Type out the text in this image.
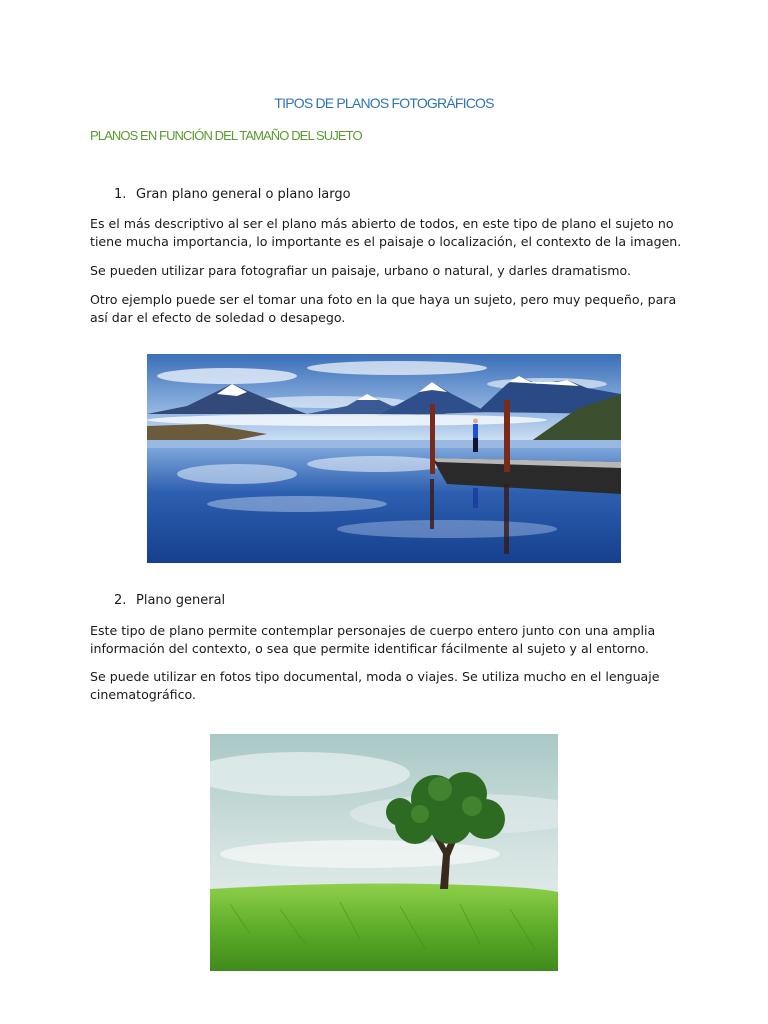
TIPOS DE PLANOS FOTOGRÁFICOS
PLANOS EN FUNCIÓN DEL TAMAÑO DEL SUJETO

1. Gran plano general o plano largo

Es el más descriptivo al ser el plano más abierto de todos, en este tipo de plano el sujeto no tiene mucha importancia, lo importante es el paisaje o localización, el contexto de la imagen.

Se pueden utilizar para fotografiar un paisaje, urbano o natural, y darles dramatismo.

Otro ejemplo puede ser el tomar una foto en la que haya un sujeto, pero muy pequeño, para así dar el efecto de soledad o desapego.

2. Plano general

Este tipo de plano permite contemplar personajes de cuerpo entero junto con una amplia información del contexto, o sea que permite identificar fácilmente al sujeto y al entorno.

Se puede utilizar en fotos tipo documental, moda o viajes. Se utiliza mucho en el lenguaje cinematográfico.
